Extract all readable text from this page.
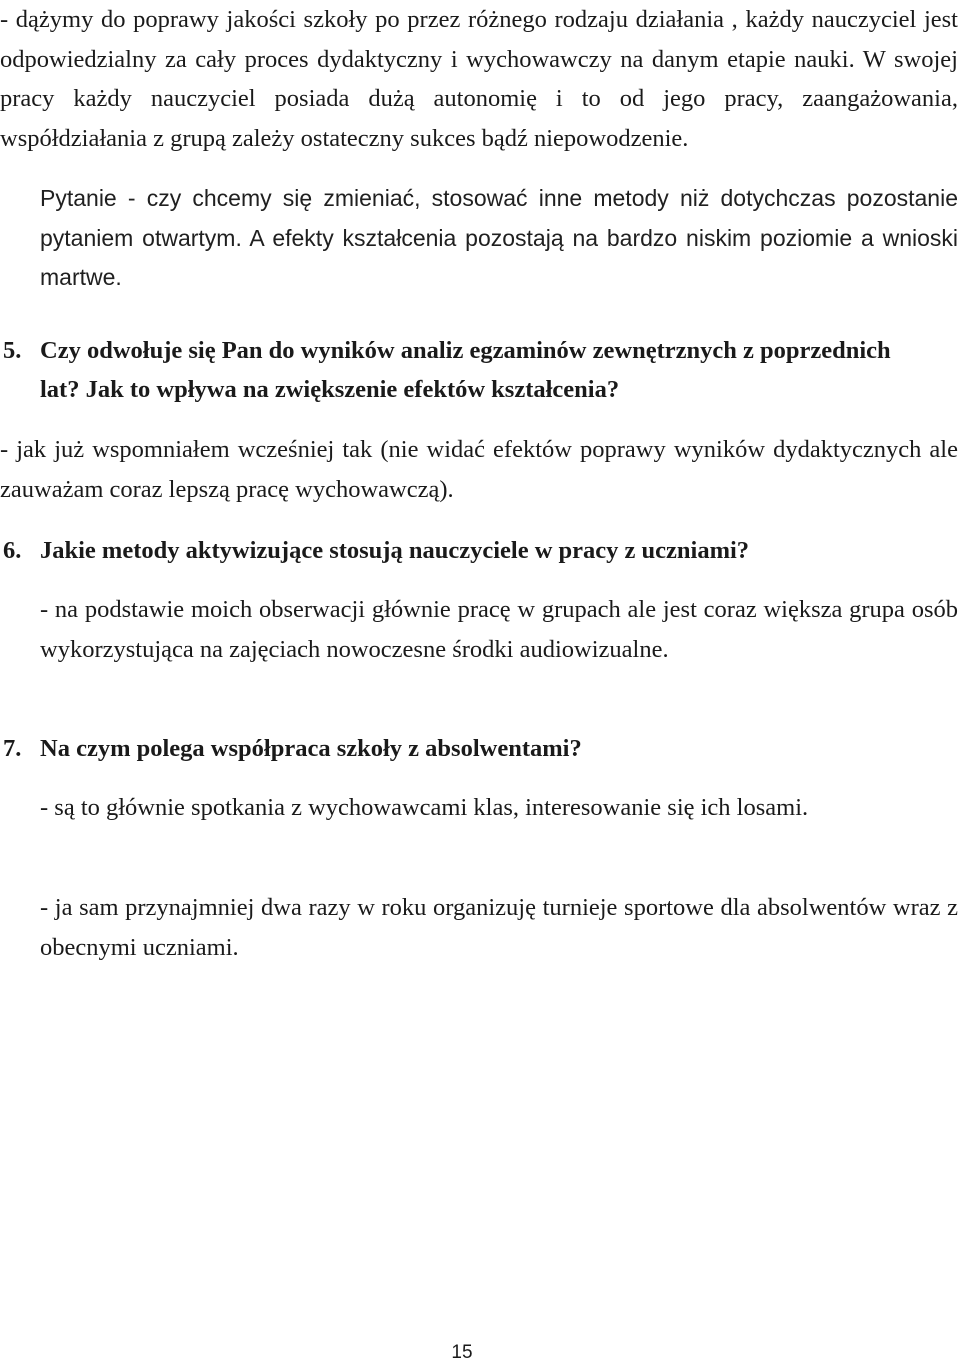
- dążymy do poprawy jakości szkoły po przez różnego rodzaju działania , każdy nauczyciel jest odpowiedzialny za cały proces dydaktyczny i wychowawczy na danym etapie nauki. W swojej pracy każdy nauczyciel posiada dużą autonomię i to od jego pracy, zaangażowania, współdziałania z grupą zależy ostateczny sukces bądź niepowodzenie.

Pytanie - czy chcemy się zmieniać, stosować inne metody niż dotychczas pozostanie pytaniem otwartym. A efekty kształcenia pozostają na bardzo niskim poziomie a wnioski martwe.

5. Czy odwołuje się Pan do wyników analiz egzaminów zewnętrznych z poprzednich lat? Jak to wpływa na zwiększenie efektów kształcenia?

- jak już wspomniałem wcześniej tak (nie widać efektów poprawy wyników dydaktycznych ale zauważam coraz lepszą pracę wychowawczą).

6. Jakie metody aktywizujące stosują nauczyciele w pracy z uczniami?

- na podstawie moich obserwacji głównie pracę w grupach ale jest coraz większa grupa osób wykorzystująca na zajęciach nowoczesne środki audiowizualne.

7. Na czym polega współpraca szkoły z absolwentami?

- są to głównie spotkania z wychowawcami klas, interesowanie się ich losami.

- ja sam przynajmniej dwa razy w roku organizuję turnieje sportowe dla absolwentów wraz z obecnymi uczniami.

15
